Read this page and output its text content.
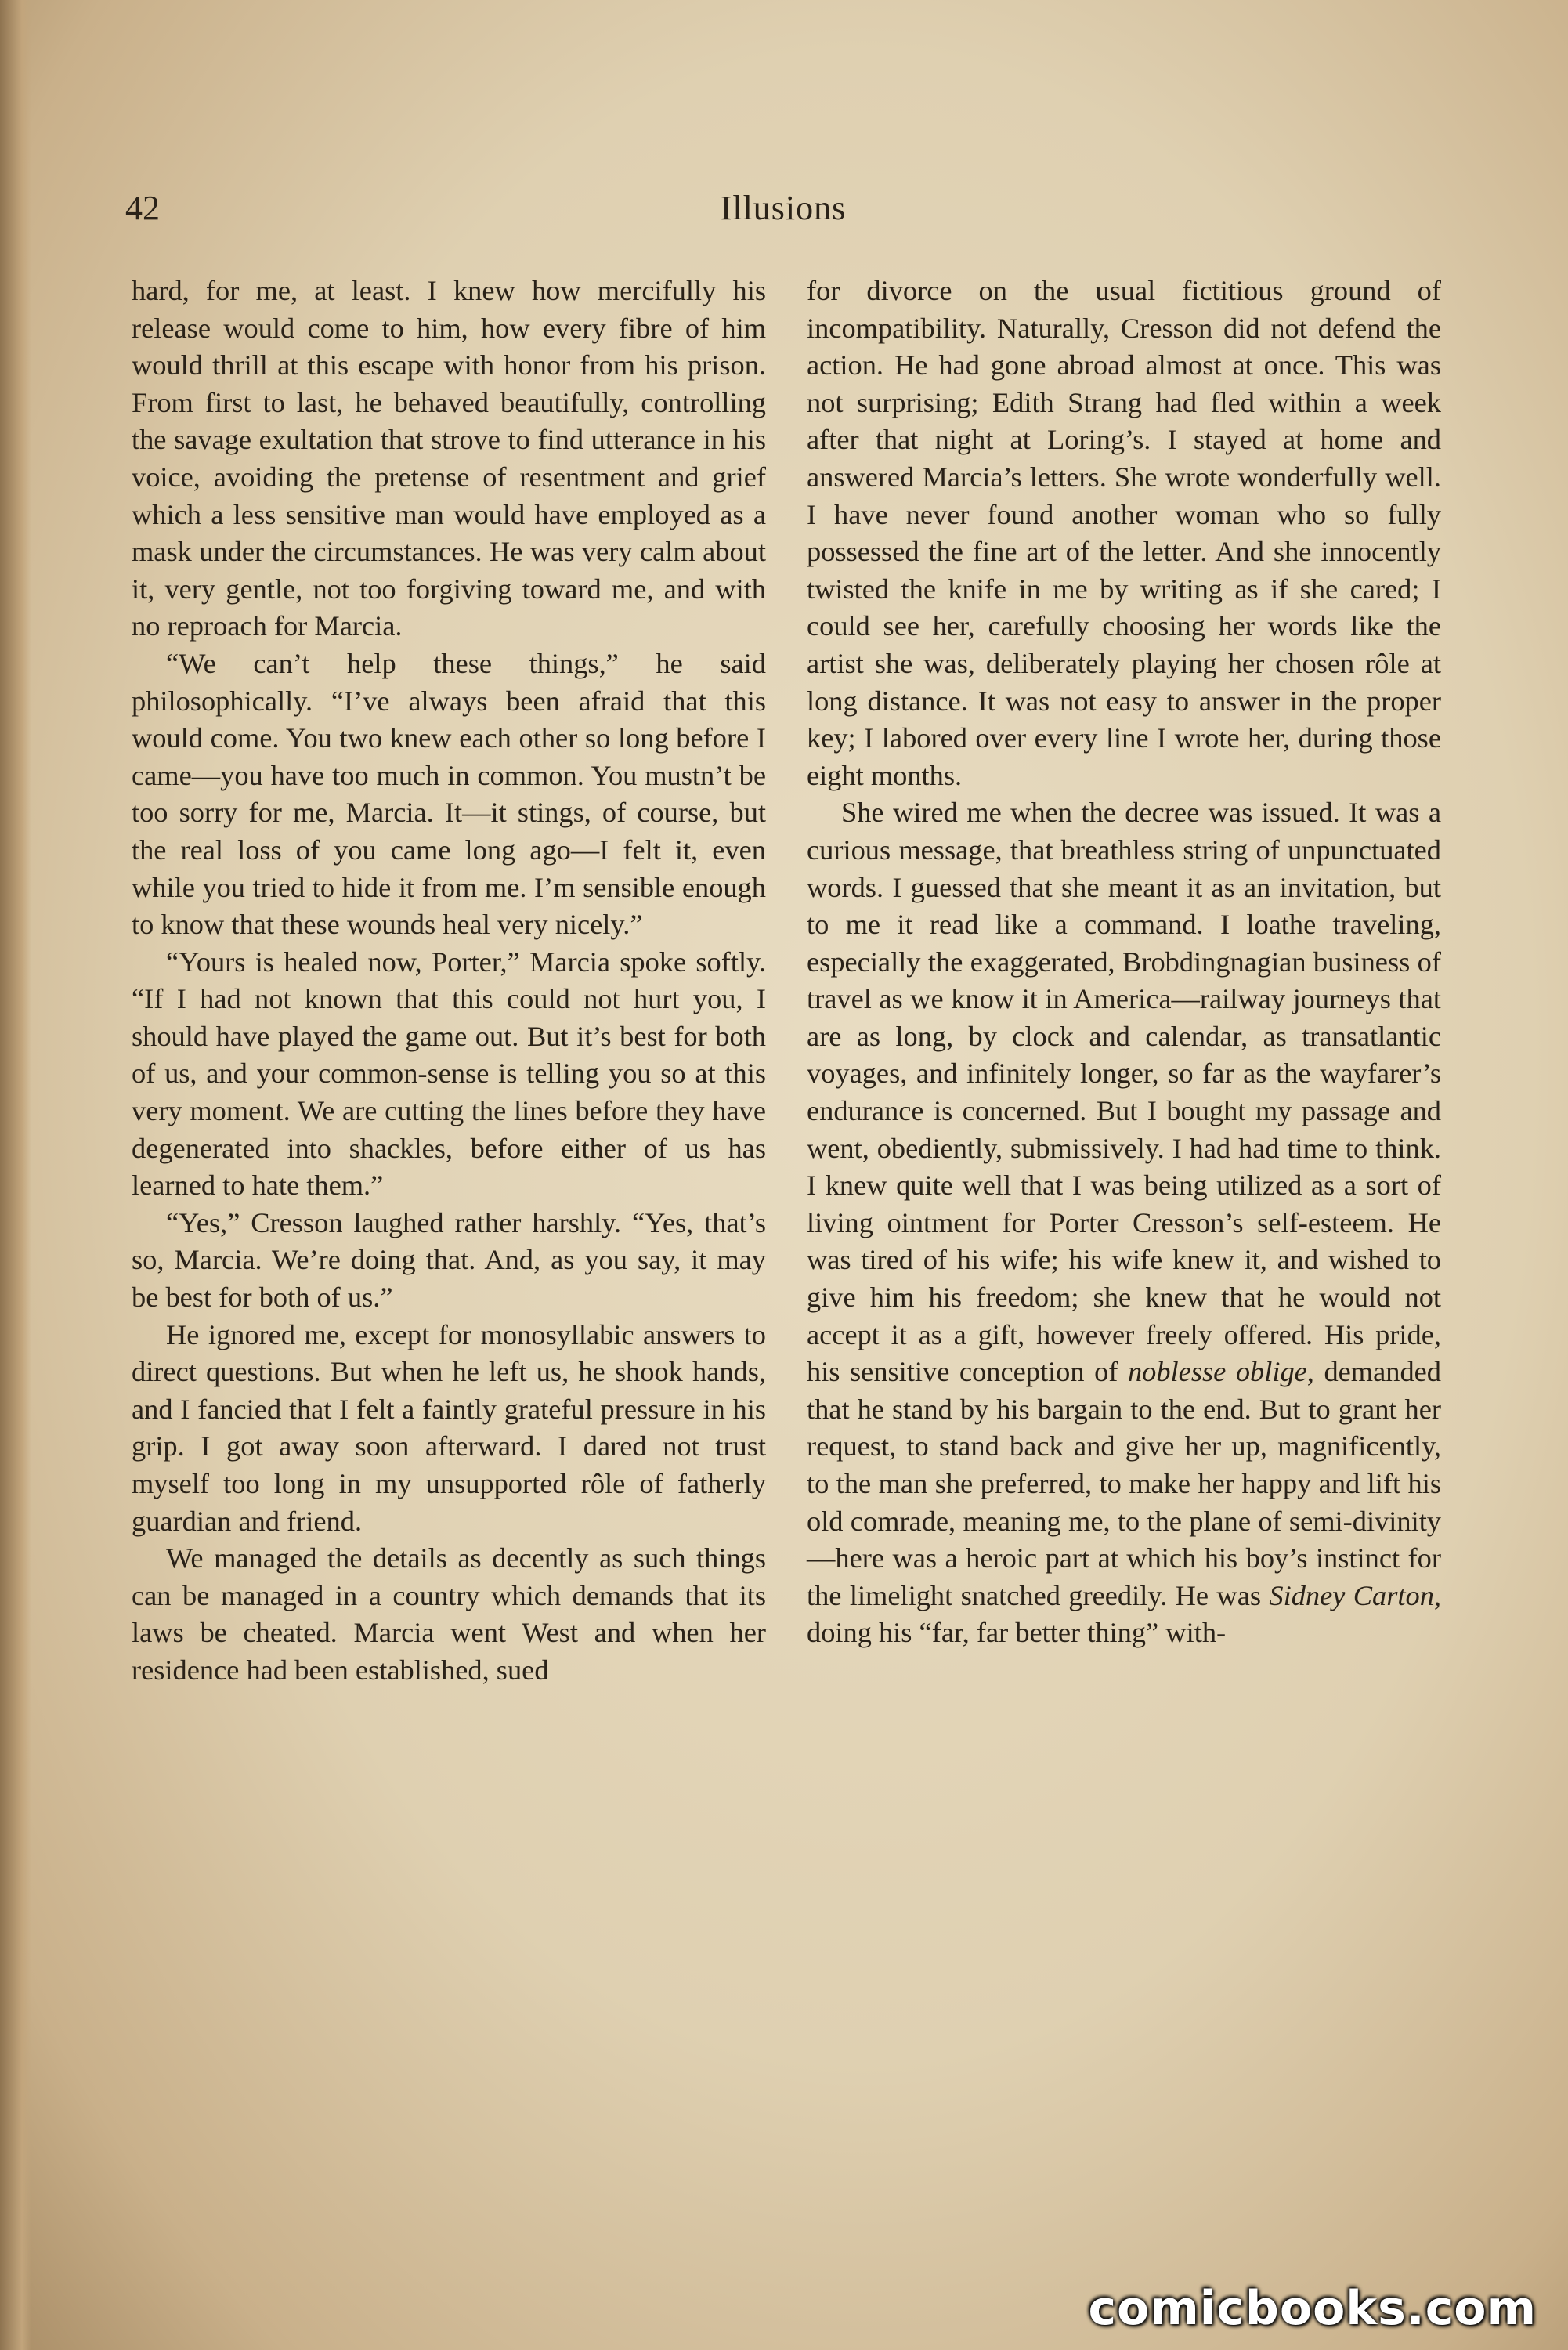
42	Illusions

hard, for me, at least. I knew how mercifully his release would come to him, how every fibre of him would thrill at this escape with honor from his prison. From first to last, he behaved beautifully, controlling the savage exultation that strove to find utterance in his voice, avoiding the pretense of resentment and grief which a less sensitive man would have employed as a mask under the circumstances. He was very calm about it, very gentle, not too forgiving toward me, and with no reproach for Marcia.

“We can’t help these things,” he said philosophically. “I’ve always been afraid that this would come. You two knew each other so long before I came—you have too much in common. You mustn’t be too sorry for me, Marcia. It—it stings, of course, but the real loss of you came long ago—I felt it, even while you tried to hide it from me. I’m sensible enough to know that these wounds heal very nicely.”

“Yours is healed now, Porter,” Marcia spoke softly. “If I had not known that this could not hurt you, I should have played the game out. But it’s best for both of us, and your common-sense is telling you so at this very moment. We are cutting the lines before they have degenerated into shackles, before either of us has learned to hate them.”

“Yes,” Cresson laughed rather harshly. “Yes, that’s so, Marcia. We’re doing that. And, as you say, it may be best for both of us.”

He ignored me, except for monosyllabic answers to direct questions. But when he left us, he shook hands, and I fancied that I felt a faintly grateful pressure in his grip. I got away soon afterward. I dared not trust myself too long in my unsupported rôle of fatherly guardian and friend.

We managed the details as decently as such things can be managed in a country which demands that its laws be cheated. Marcia went West and when her residence had been established, sued

for divorce on the usual fictitious ground of incompatibility. Naturally, Cresson did not defend the action. He had gone abroad almost at once. This was not surprising; Edith Strang had fled within a week after that night at Loring’s. I stayed at home and answered Marcia’s letters. She wrote wonderfully well. I have never found another woman who so fully possessed the fine art of the letter. And she innocently twisted the knife in me by writing as if she cared; I could see her, carefully choosing her words like the artist she was, deliberately playing her chosen rôle at long distance. It was not easy to answer in the proper key; I labored over every line I wrote her, during those eight months.

She wired me when the decree was issued. It was a curious message, that breathless string of unpunctuated words. I guessed that she meant it as an invitation, but to me it read like a command. I loathe traveling, especially the exaggerated, Brobdingnagian business of travel as we know it in America—railway journeys that are as long, by clock and calendar, as transatlantic voyages, and infinitely longer, so far as the wayfarer’s endurance is concerned. But I bought my passage and went, obediently, submissively. I had had time to think. I knew quite well that I was being utilized as a sort of living ointment for Porter Cresson’s self-esteem. He was tired of his wife; his wife knew it, and wished to give him his freedom; she knew that he would not accept it as a gift, however freely offered. His pride, his sensitive conception of noblesse oblige, demanded that he stand by his bargain to the end. But to grant her request, to stand back and give her up, magnificently, to the man she preferred, to make her happy and lift his old comrade, meaning me, to the plane of semi-divinity—here was a heroic part at which his boy’s instinct for the limelight snatched greedily. He was Sidney Carton, doing his “far, far better thing” with-

comicbooks.com
